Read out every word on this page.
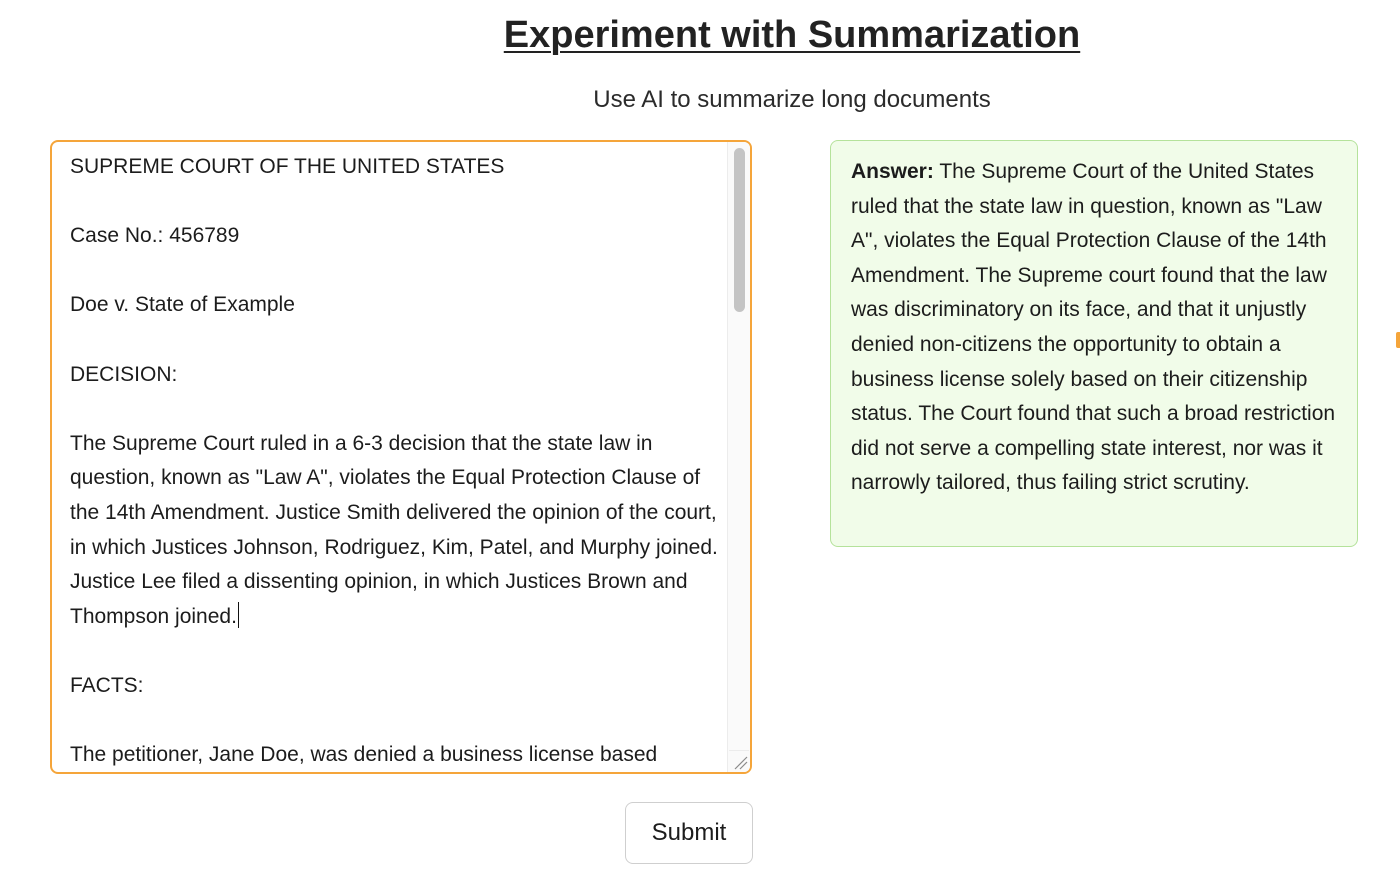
Experiment with Summarization

Use AI to summarize long documents

SUPREME COURT OF THE UNITED STATES

Case No.: 456789

Doe v. State of Example

DECISION:

The Supreme Court ruled in a 6-3 decision that the state law in question, known as "Law A", violates the Equal Protection Clause of the 14th Amendment. Justice Smith delivered the opinion of the court, in which Justices Johnson, Rodriguez, Kim, Patel, and Murphy joined. Justice Lee filed a dissenting opinion, in which Justices Brown and Thompson joined.

FACTS:

The petitioner, Jane Doe, was denied a business license based
Answer: The Supreme Court of the United States ruled that the state law in question, known as "Law A", violates the Equal Protection Clause of the 14th Amendment. The Supreme court found that the law was discriminatory on its face, and that it unjustly denied non-citizens the opportunity to obtain a business license solely based on their citizenship status. The Court found that such a broad restriction did not serve a compelling state interest, nor was it narrowly tailored, thus failing strict scrutiny.
Submit
